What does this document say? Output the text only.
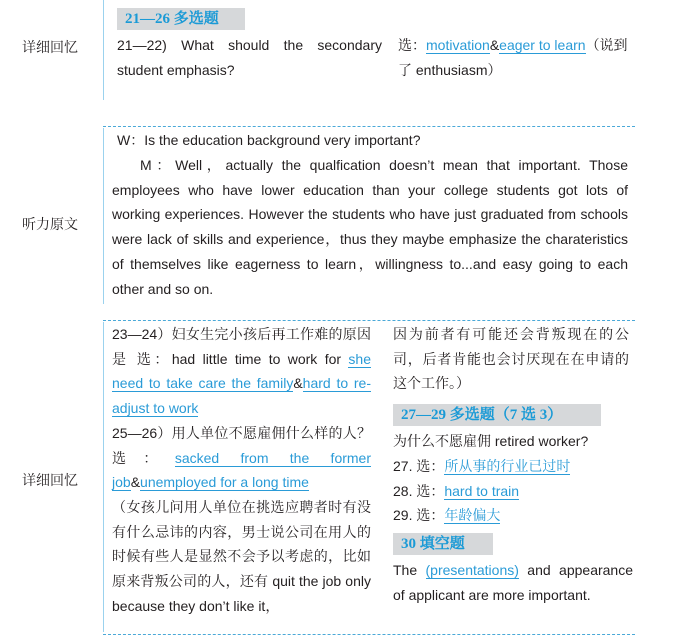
详细回忆
21—26 多选题
21—22) What should the secondary student emphasis?
选：motivation&eager to learn（说到了 enthusiasm）
听力原文
W：Is the education background very important?
M：Well，actually the qualfication doesn’t mean that important. Those employees who have lower education than your college students got lots of working experiences. However the students who have just graduated from schools were lack of skills and experience，thus they maybe emphasize the charateristics of themselves like eagerness to learn，willingness to...and easy going to each other and so on.
详细回忆
23—24）妇女生完小孩后再工作难的原因是 选：had little time to work for she need to take care the family&hard to re-adjust to work
25—26）用人单位不愿雇佣什么样的人？ 选：sacked from the former job&unemployed for a long time
（女孩儿问用人单位在挑选应聘者时有没有什么忌讳的内容，男士说公司在用人的时候有些人是显然不会予以考虑的，比如原来背叛公司的人，还有 quit the job only because they don’t like it，
因为前者有可能还会背叛现在的公司，后者肯能也会讨厌现在在申请的这个工作。）
27—29 多选题（7 选 3）
为什么不愿雇佣 retired worker?
27. 选：所从事的行业已过时
28. 选：hard to train
29. 选：年龄偏大
30 填空题
The (presentations) and appearance of applicant are more important.
